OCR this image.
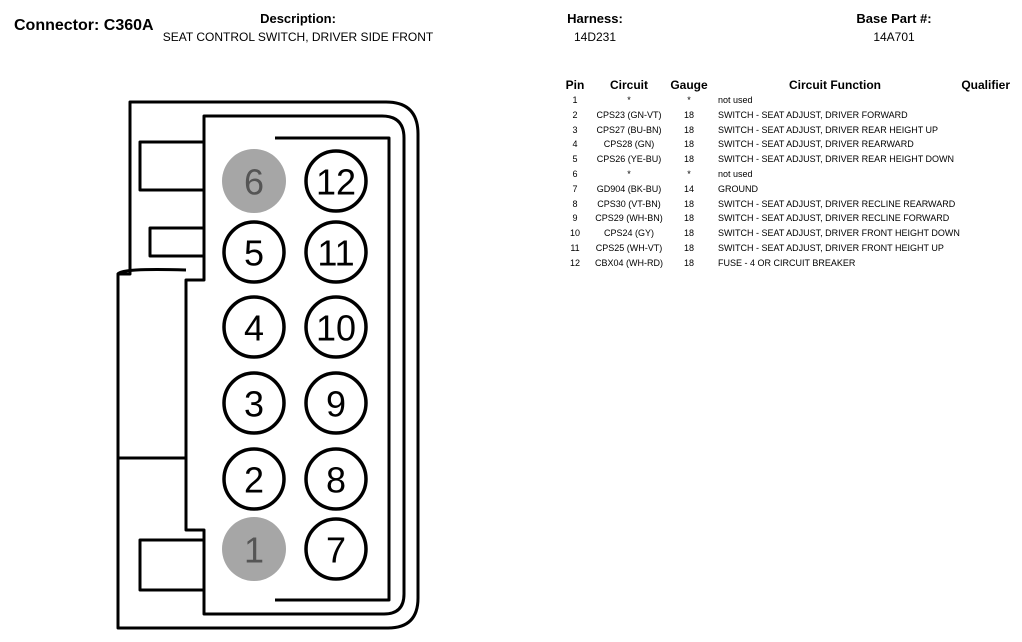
Connector: C360A	Description:
SEAT CONTROL SWITCH, DRIVER SIDE FRONT
Harness:
14D231
Base Part #:
14A701
6 12
5 11
4 10
3 9
2 8
1 7
Pin	Circuit	Gauge	Circuit Function	Qualifier
1	*	*	not used	
2	CPS23 (GN-VT)	18	SWITCH - SEAT ADJUST, DRIVER FORWARD	
3	CPS27 (BU-BN)	18	SWITCH - SEAT ADJUST, DRIVER REAR HEIGHT UP	
4	CPS28 (GN)	18	SWITCH - SEAT ADJUST, DRIVER REARWARD	
5	CPS26 (YE-BU)	18	SWITCH - SEAT ADJUST, DRIVER REAR HEIGHT DOWN	
6	*	*	not used	
7	GD904 (BK-BU)	14	GROUND	
8	CPS30 (VT-BN)	18	SWITCH - SEAT ADJUST, DRIVER RECLINE REARWARD	
9	CPS29 (WH-BN)	18	SWITCH - SEAT ADJUST, DRIVER RECLINE FORWARD	
10	CPS24 (GY)	18	SWITCH - SEAT ADJUST, DRIVER FRONT HEIGHT DOWN	
11	CPS25 (WH-VT)	18	SWITCH - SEAT ADJUST, DRIVER FRONT HEIGHT UP	
12	CBX04 (WH-RD)	18	FUSE - 4 OR CIRCUIT BREAKER	
